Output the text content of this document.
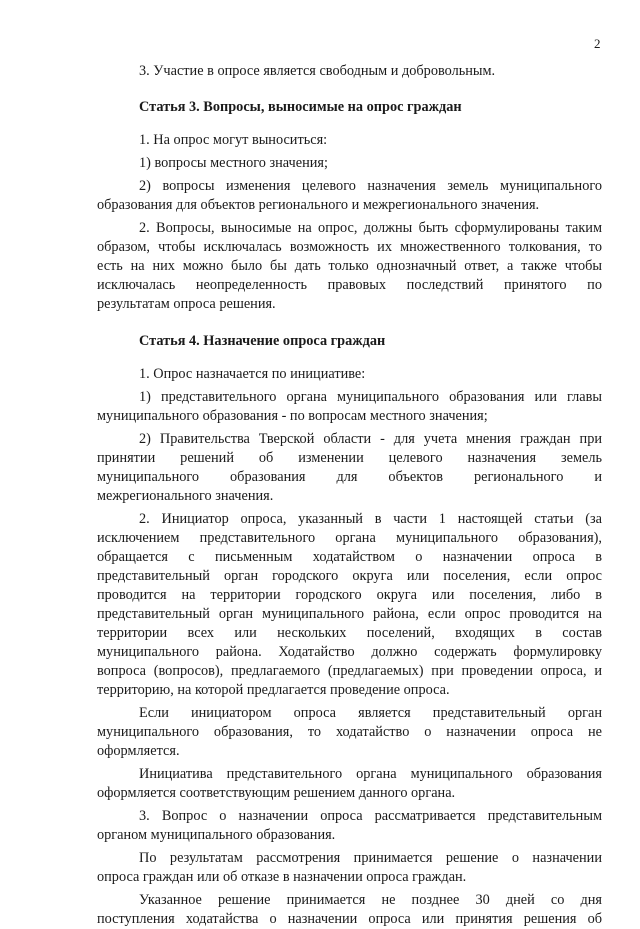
2
3. Участие в опросе является свободным и добровольным.
Статья 3. Вопросы, выносимые на опрос граждан
1. На опрос могут выноситься:
1) вопросы местного значения;
2) вопросы изменения целевого назначения земель муниципального
образования для объектов регионального и межрегионального значения.
2. Вопросы, выносимые на опрос, должны быть сформулированы таким
образом, чтобы исключалась возможность их множественного толкования, то
есть на них можно было бы дать только однозначный ответ, а также чтобы
исключалась неопределенность правовых последствий принятого по
результатам опроса решения.
Статья 4. Назначение опроса граждан
1. Опрос назначается по инициативе:
1) представительного органа муниципального образования или главы
муниципального образования - по вопросам местного значения;
2) Правительства Тверской области - для учета мнения граждан при
принятии решений об изменении целевого назначения земель
муниципального образования для объектов регионального и
межрегионального значения.
2. Инициатор опроса, указанный в части 1 настоящей статьи (за
исключением представительного органа муниципального образования),
обращается с письменным ходатайством о назначении опроса в
представительный орган городского округа или поселения, если опрос
проводится на территории городского округа или поселения, либо в
представительный орган муниципального района, если опрос проводится на
территории всех или нескольких поселений, входящих в состав
муниципального района. Ходатайство должно содержать формулировку
вопроса (вопросов), предлагаемого (предлагаемых) при проведении опроса, и
территорию, на которой предлагается проведение опроса.
Если инициатором опроса является представительный орган
муниципального образования, то ходатайство о назначении опроса не
оформляется.
Инициатива представительного органа муниципального образования
оформляется соответствующим решением данного органа.
3. Вопрос о назначении опроса рассматривается представительным
органом муниципального образования.
По результатам рассмотрения принимается решение о назначении
опроса граждан или об отказе в назначении опроса граждан.
Указанное решение принимается не позднее 30 дней со дня
поступления ходатайства о назначении опроса или принятия решения об
